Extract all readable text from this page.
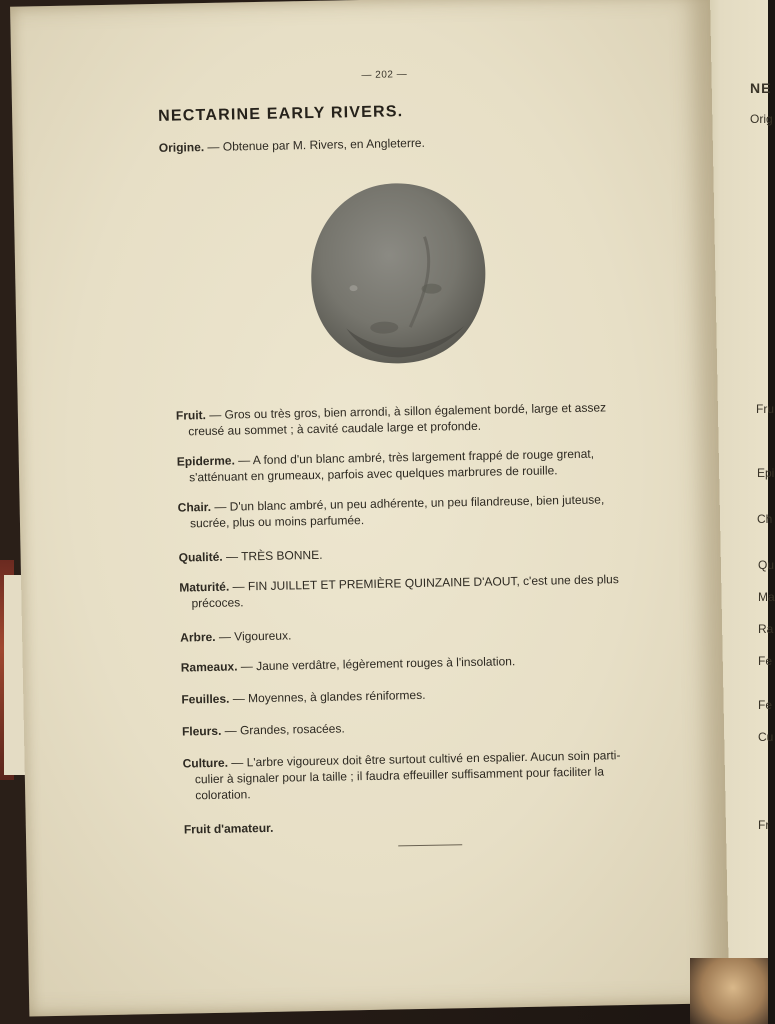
NE
Orig
Fru
Epi
Ch
Qu
Ma
Ra
Fe
Fe
Cu
Fr
— 202 —
NECTARINE EARLY RIVERS.
Origine. — Obtenue par M. Rivers, en Angleterre.
Fruit. — Gros ou très gros, bien arrondi, à sillon également bordé, large et assez
creusé au sommet ; à cavité caudale large et profonde.
Epiderme. — A fond d'un blanc ambré, très largement frappé de rouge grenat,
s'atténuant en grumeaux, parfois avec quelques marbrures de rouille.
Chair. — D'un blanc ambré, un peu adhérente, un peu filandreuse, bien juteuse,
sucrée, plus ou moins parfumée.
Qualité. — TRÈS BONNE.
Maturité. — FIN JUILLET ET PREMIÈRE QUINZAINE D'AOUT, c'est une des plus
précoces.
Arbre. — Vigoureux.
Rameaux. — Jaune verdâtre, légèrement rouges à l'insolation.
Feuilles. — Moyennes, à glandes réniformes.
Fleurs. — Grandes, rosacées.
Culture. — L'arbre vigoureux doit être surtout cultivé en espalier. Aucun soin parti-
culier à signaler pour la taille ; il faudra effeuiller suffisamment pour faciliter la
coloration.
Fruit d'amateur.
